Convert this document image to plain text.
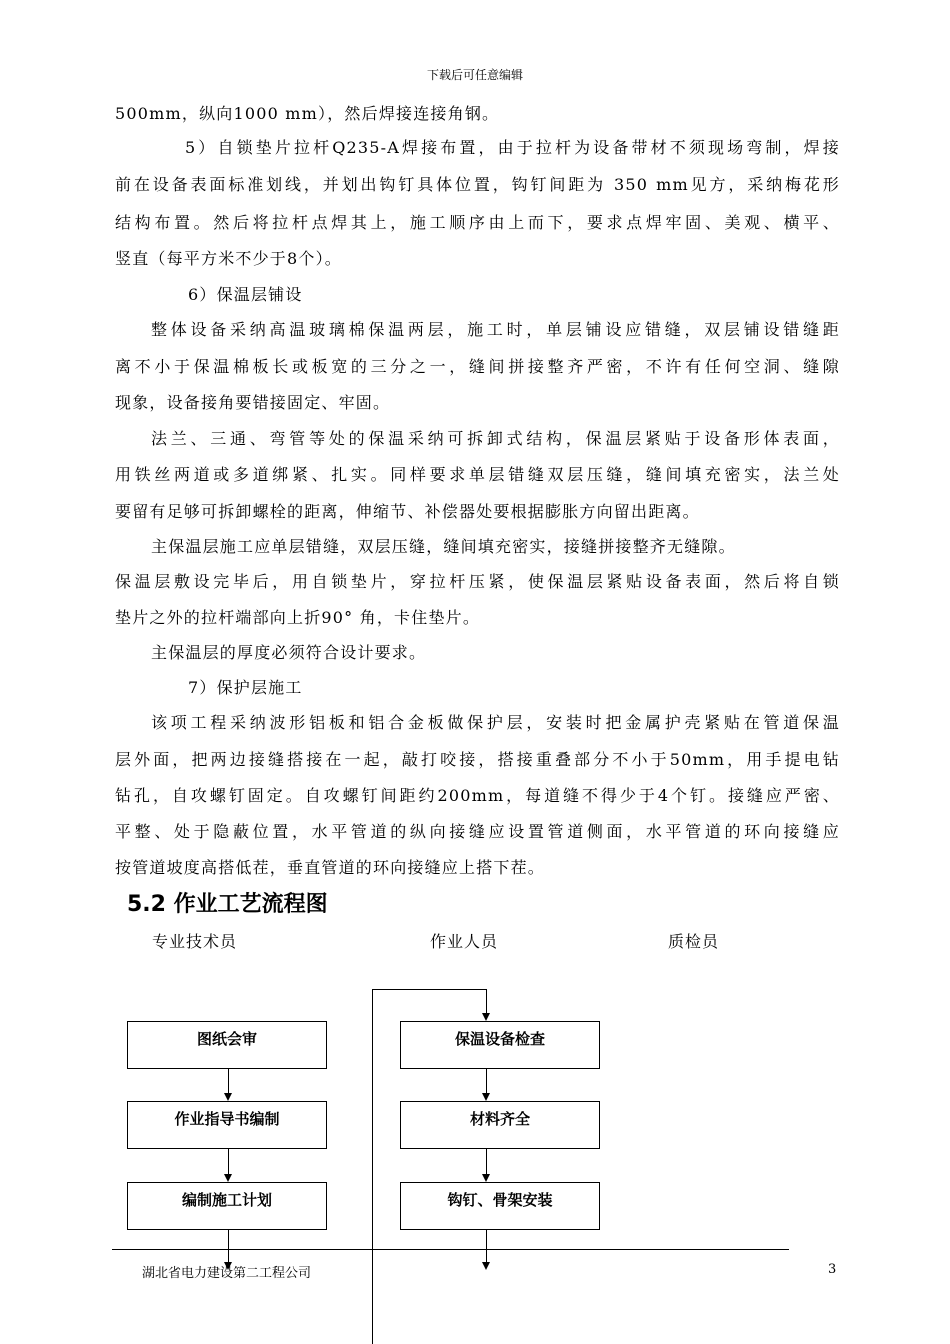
下载后可任意编辑
500mm，纵向1000 mm），然后焊接连接角钢。
5）自锁垫片拉杆Q235-A焊接布置，由于拉杆为设备带材不须现场弯制，焊接
前在设备表面标准划线，并划出钩钉具体位置，钩钉间距为 350 mm见方，采纳梅花形
结构布置。然后将拉杆点焊其上，施工顺序由上而下，要求点焊牢固、美观、横平、
竖直（每平方米不少于8个）。
6）保温层铺设
整体设备采纳高温玻璃棉保温两层，施工时，单层铺设应错缝，双层铺设错缝距
离不小于保温棉板长或板宽的三分之一，缝间拼接整齐严密，不许有任何空洞、缝隙
现象，设备接角要错接固定、牢固。
法兰、三通、弯管等处的保温采纳可拆卸式结构，保温层紧贴于设备形体表面，
用铁丝两道或多道绑紧、扎实。同样要求单层错缝双层压缝，缝间填充密实，法兰处
要留有足够可拆卸螺栓的距离，伸缩节、补偿器处要根据膨胀方向留出距离。
主保温层施工应单层错缝，双层压缝，缝间填充密实，接缝拼接整齐无缝隙。
保温层敷设完毕后，用自锁垫片，穿拉杆压紧，使保温层紧贴设备表面，然后将自锁
垫片之外的拉杆端部向上折90° 角，卡住垫片。
主保温层的厚度必须符合设计要求。
7）保护层施工
该项工程采纳波形铝板和铝合金板做保护层，安装时把金属护壳紧贴在管道保温
层外面，把两边接缝搭接在一起，敲打咬接，搭接重叠部分不小于50mm，用手提电钻
钻孔，自攻螺钉固定。自攻螺钉间距约200mm，每道缝不得少于4个钉。接缝应严密、
平整、处于隐蔽位置，水平管道的纵向接缝应设置管道侧面，水平管道的环向接缝应
按管道坡度高搭低茬，垂直管道的环向接缝应上搭下茬。
5.2 作业工艺流程图
专业技术员	作业人员	质检员
图纸会审
作业指导书编制
编制施工计划
保温设备检查
材料齐全
钩钉、骨架安装
湖北省电力建设第二工程公司	3
